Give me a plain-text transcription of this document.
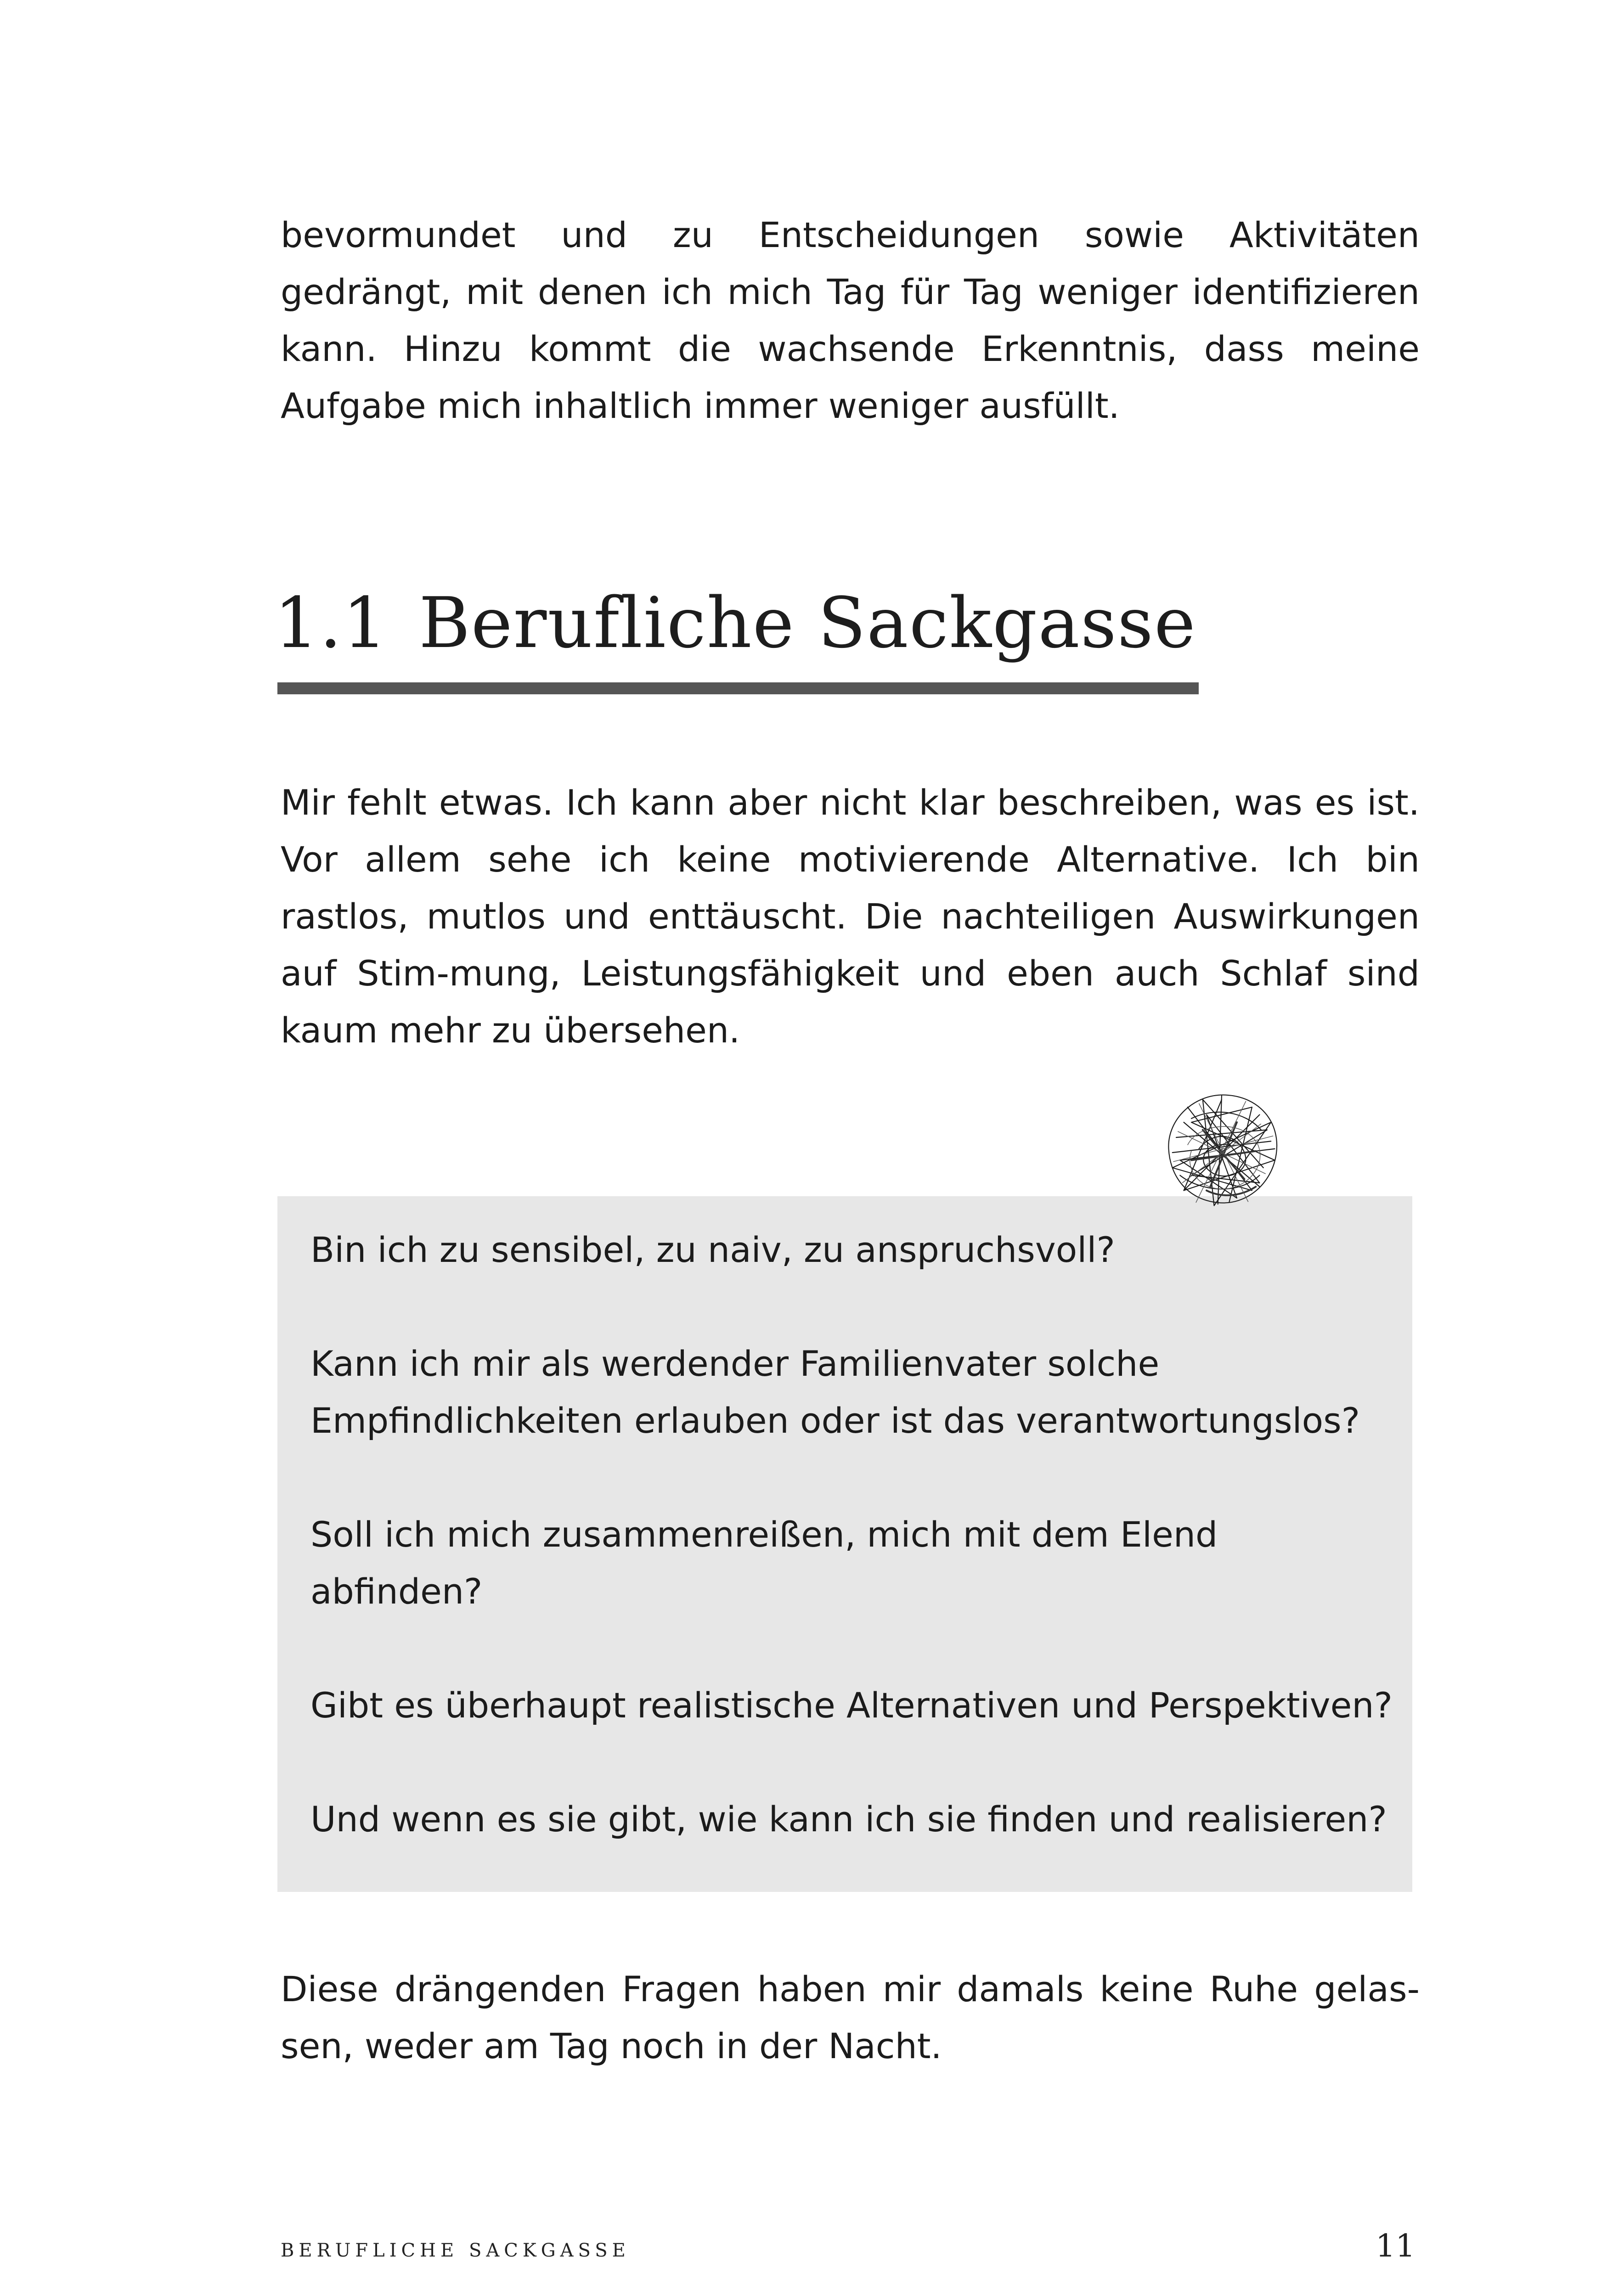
bevormundet und zu Entscheidungen sowie Aktivitäten gedrängt, mit denen ich mich Tag für Tag weniger identifizieren kann. Hinzu kommt die wachsende Erkenntnis, dass meine Aufgabe mich inhaltlich immer weniger ausfüllt.

1.1 Berufliche Sackgasse

Mir fehlt etwas. Ich kann aber nicht klar beschreiben, was es ist. Vor allem sehe ich keine motivierende Alternative. Ich bin rastlos, mutlos und enttäuscht. Die nachteiligen Auswirkungen auf Stim-mung, Leistungsfähigkeit und eben auch Schlaf sind kaum mehr zu übersehen.

Bin ich zu sensibel, zu naiv, zu anspruchsvoll?
Kann ich mir als werdender Familienvater solche Empfindlichkeiten erlauben oder ist das verantwortungslos?
Soll ich mich zusammenreißen, mich mit dem Elend abfinden?
Gibt es überhaupt realistische Alternativen und Perspektiven?
Und wenn es sie gibt, wie kann ich sie finden und realisieren?

Diese drängenden Fragen haben mir damals keine Ruhe gelas-sen, weder am Tag noch in der Nacht.

BERUFLICHE SACKGASSE	11
